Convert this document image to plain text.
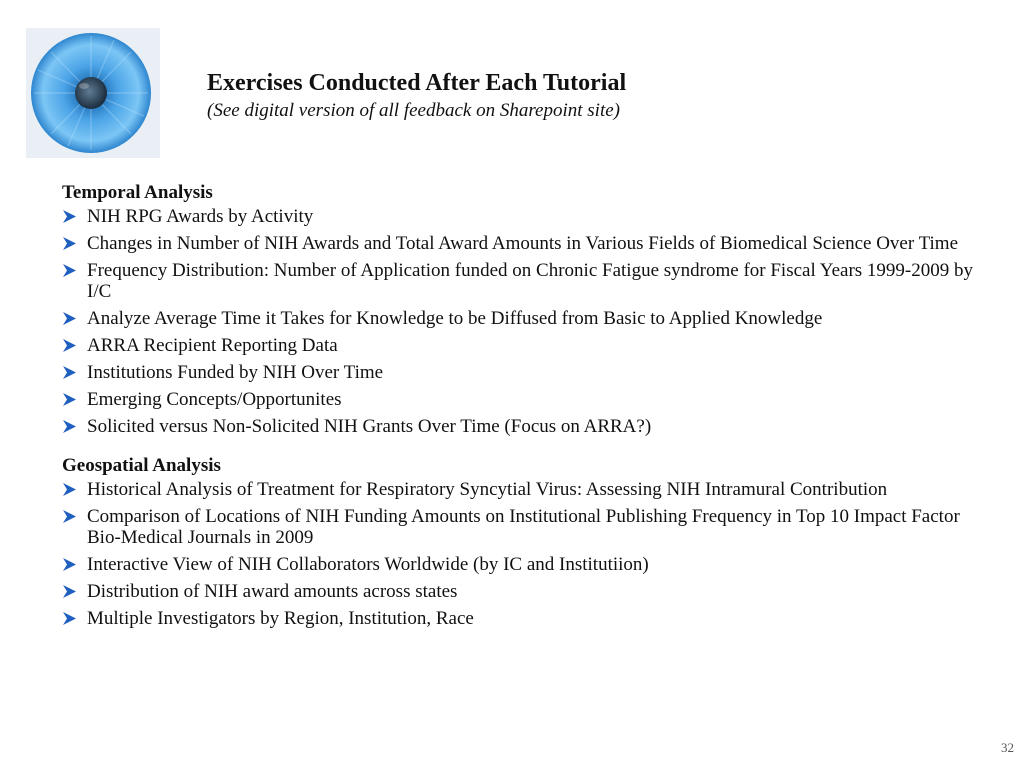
Exercises Conducted After Each Tutorial

(See digital version of all feedback on Sharepoint site)

Temporal Analysis
NIH RPG Awards by Activity
Changes in Number of NIH Awards and Total Award Amounts in Various Fields of Biomedical Science Over Time
Frequency Distribution: Number of Application funded on Chronic Fatigue syndrome for Fiscal Years 1999-2009 by I/C
Analyze Average Time it Takes for Knowledge to be Diffused from Basic to Applied Knowledge
ARRA Recipient Reporting Data
Institutions Funded by NIH Over Time
Emerging Concepts/Opportunites
Solicited versus Non-Solicited NIH Grants Over Time (Focus on ARRA?)
Geospatial Analysis
Historical Analysis of Treatment for Respiratory Syncytial Virus: Assessing NIH Intramural Contribution
Comparison of Locations of NIH Funding Amounts on Institutional Publishing Frequency in Top 10 Impact Factor Bio-Medical Journals in 2009
Interactive View of NIH Collaborators Worldwide (by IC and Institutiion)
Distribution of NIH award amounts across states
Multiple Investigators by Region, Institution, Race
32
